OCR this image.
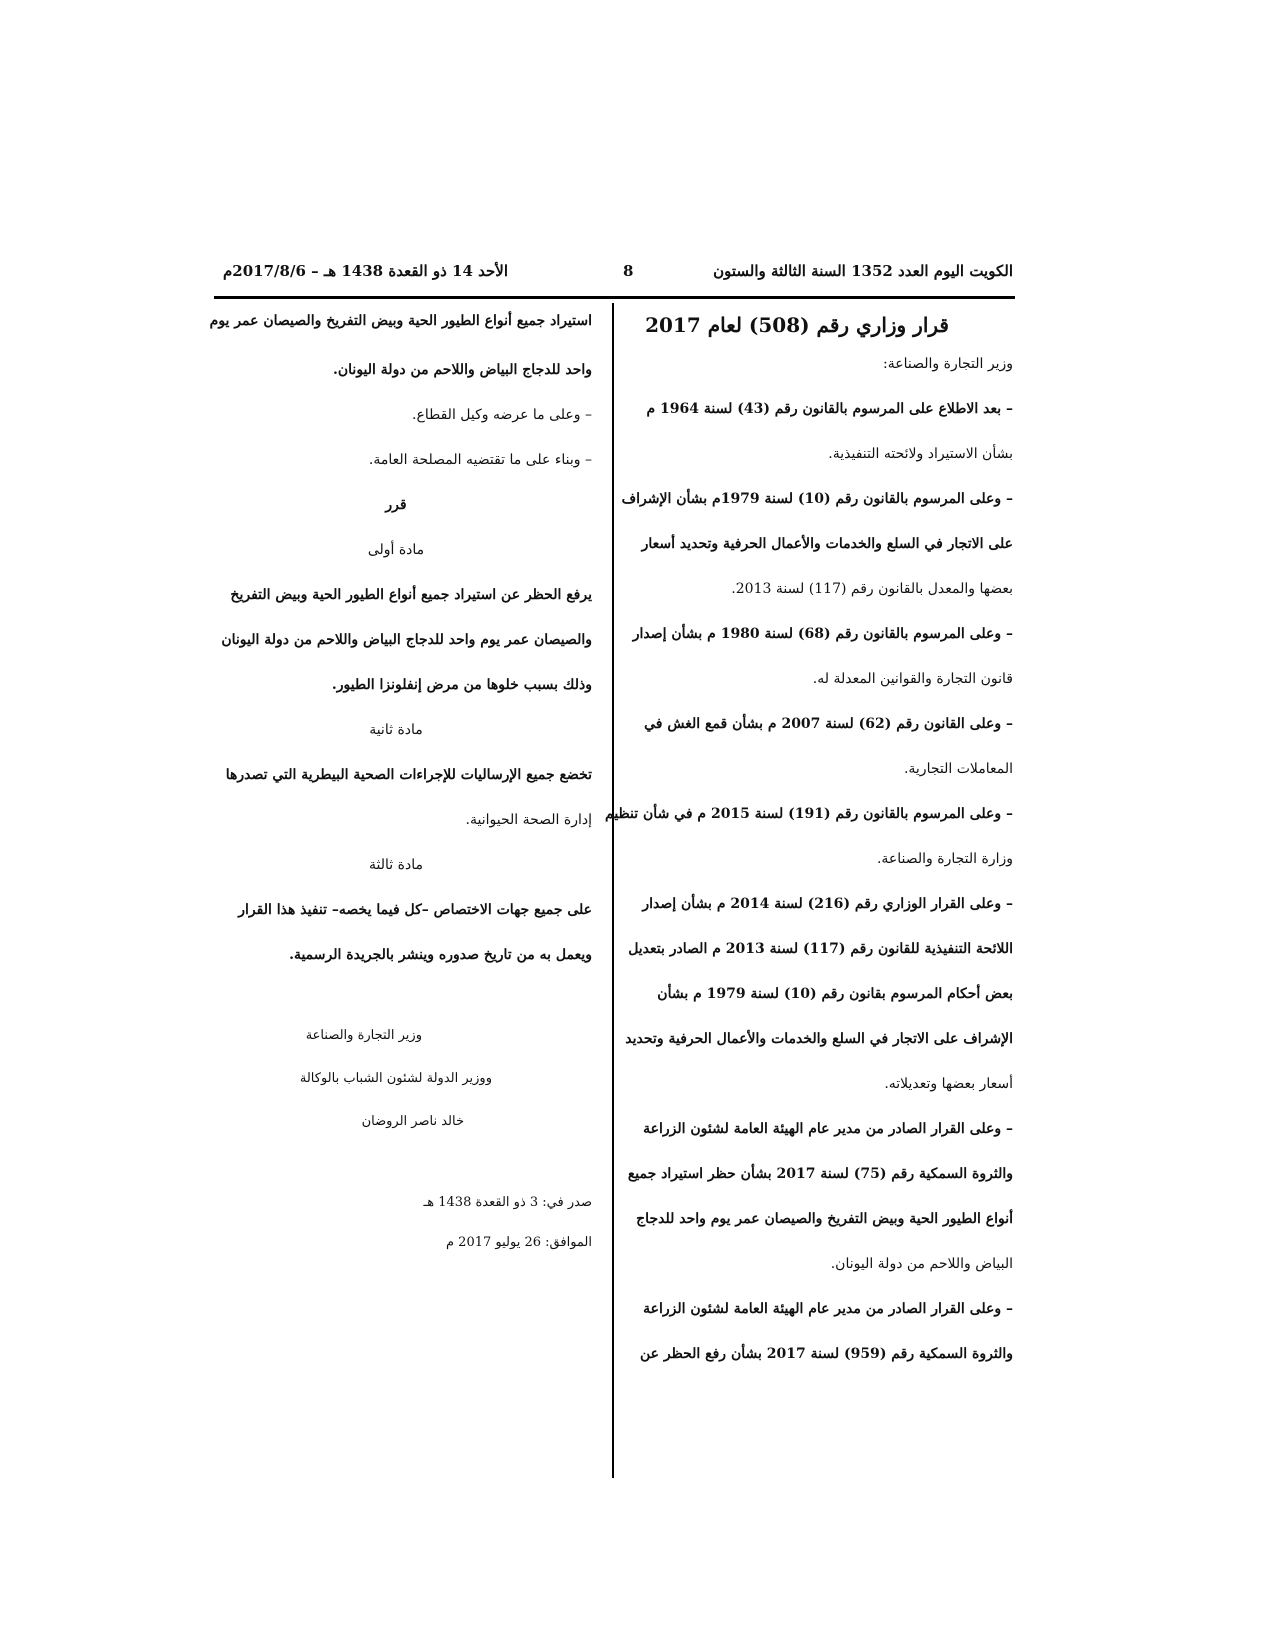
الكويت اليوم العدد 1352 السنة الثالثة والستون
8
الأحد 14 ذو القعدة 1438 هـ – 2017/8/6م
قرار وزاري رقم (508) لعام 2017

وزير التجارة والصناعة:

– بعد الاطلاع على المرسوم بالقانون رقم (43) لسنة 1964 م

بشأن الاستيراد ولائحته التنفيذية.

– وعلى المرسوم بالقانون رقم (10) لسنة 1979م بشأن الإشراف

على الاتجار في السلع والخدمات والأعمال الحرفية وتحديد أسعار

بعضها والمعدل بالقانون رقم (117) لسنة 2013.

– وعلى المرسوم بالقانون رقم (68) لسنة 1980 م بشأن إصدار

قانون التجارة والقوانين المعدلة له.

– وعلى القانون رقم (62) لسنة 2007 م بشأن قمع الغش في

المعاملات التجارية.

– وعلى المرسوم بالقانون رقم (191) لسنة 2015 م في شأن تنظيم

وزارة التجارة والصناعة.

– وعلى القرار الوزاري رقم (216) لسنة 2014 م بشأن إصدار

اللائحة التنفيذية للقانون رقم (117) لسنة 2013 م الصادر بتعديل

بعض أحكام المرسوم بقانون رقم (10) لسنة 1979 م بشأن

الإشراف على الاتجار في السلع والخدمات والأعمال الحرفية وتحديد

أسعار بعضها وتعديلاته.

– وعلى القرار الصادر من مدير عام الهيئة العامة لشئون الزراعة

والثروة السمكية رقم (75) لسنة 2017 بشأن حظر استيراد جميع

أنواع الطيور الحية وبيض التفريخ والصيصان عمر يوم واحد للدجاج

البياض واللاحم من دولة اليونان.

– وعلى القرار الصادر من مدير عام الهيئة العامة لشئون الزراعة

والثروة السمكية رقم (959) لسنة 2017 بشأن رفع الحظر عن

استيراد جميع أنواع الطيور الحية وبيض التفريخ والصيصان عمر يوم

واحد للدجاج البياض واللاحم من دولة اليونان.

– وعلى ما عرضه وكيل القطاع.

– وبناء على ما تقتضيه المصلحة العامة.

قرر

مادة أولى

يرفع الحظر عن استيراد جميع أنواع الطيور الحية وبيض التفريخ

والصيصان عمر يوم واحد للدجاج البياض واللاحم من دولة اليونان

وذلك بسبب خلوها من مرض إنفلونزا الطيور.

مادة ثانية

تخضع جميع الإرساليات للإجراءات الصحية البيطرية التي تصدرها

إدارة الصحة الحيوانية.

مادة ثالثة

على جميع جهات الاختصاص –كل فيما يخصه– تنفيذ هذا القرار

ويعمل به من تاريخ صدوره وينشر بالجريدة الرسمية.

وزير التجارة والصناعة

ووزير الدولة لشئون الشباب بالوكالة

خالد ناصر الروضان

صدر في: 3 ذو القعدة 1438 هـ

الموافق: 26 يوليو 2017 م
